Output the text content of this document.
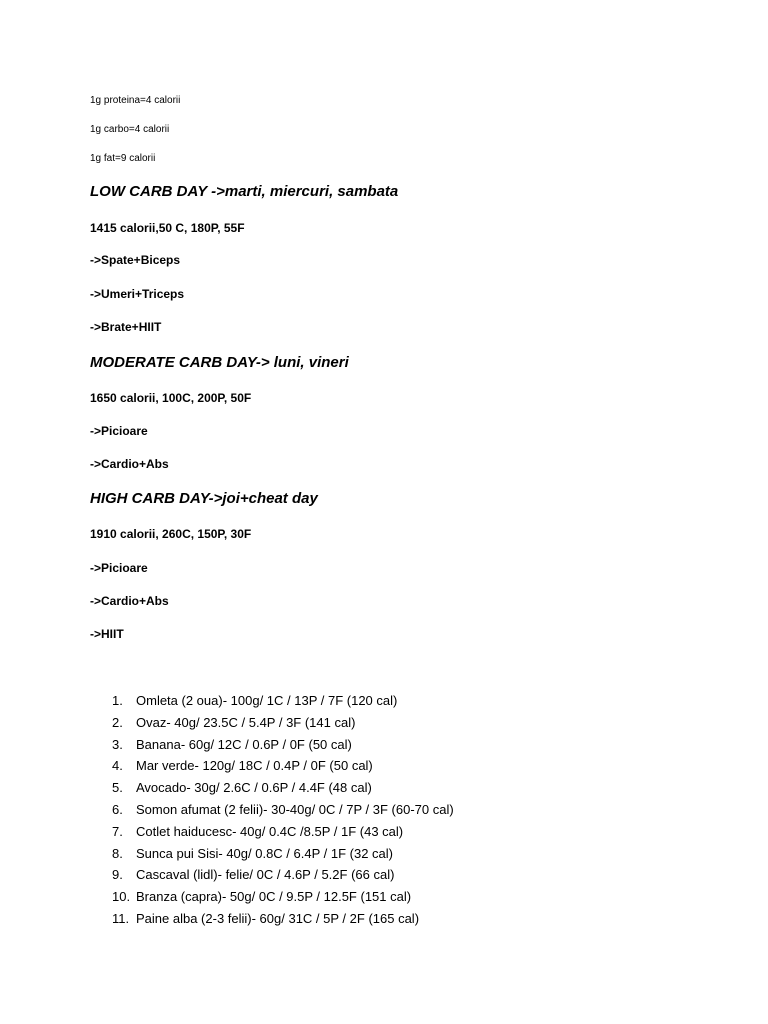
1g proteina=4 calorii
1g carbo=4 calorii
1g fat=9 calorii
LOW CARB DAY ->marti, miercuri, sambata
1415 calorii,50 C, 180P, 55F
->Spate+Biceps
->Umeri+Triceps
->Brate+HIIT
MODERATE CARB DAY-> luni, vineri
1650 calorii, 100C, 200P, 50F
->Picioare
->Cardio+Abs
HIGH CARB DAY->joi+cheat day
1910 calorii, 260C, 150P, 30F
->Picioare
->Cardio+Abs
->HIIT
1. Omleta (2 oua)- 100g/ 1C / 13P / 7F (120 cal)
2. Ovaz- 40g/ 23.5C / 5.4P / 3F (141 cal)
3. Banana- 60g/ 12C / 0.6P / 0F (50 cal)
4. Mar verde- 120g/ 18C / 0.4P / 0F (50 cal)
5. Avocado- 30g/ 2.6C / 0.6P / 4.4F (48 cal)
6. Somon afumat (2 felii)- 30-40g/ 0C / 7P / 3F (60-70 cal)
7. Cotlet haiducesc- 40g/ 0.4C /8.5P / 1F (43 cal)
8. Sunca pui Sisi- 40g/ 0.8C / 6.4P / 1F (32 cal)
9. Cascaval (lidl)- felie/ 0C / 4.6P / 5.2F (66 cal)
10. Branza (capra)- 50g/ 0C / 9.5P / 12.5F (151 cal)
11. Paine alba (2-3 felii)- 60g/ 31C / 5P / 2F (165 cal)
